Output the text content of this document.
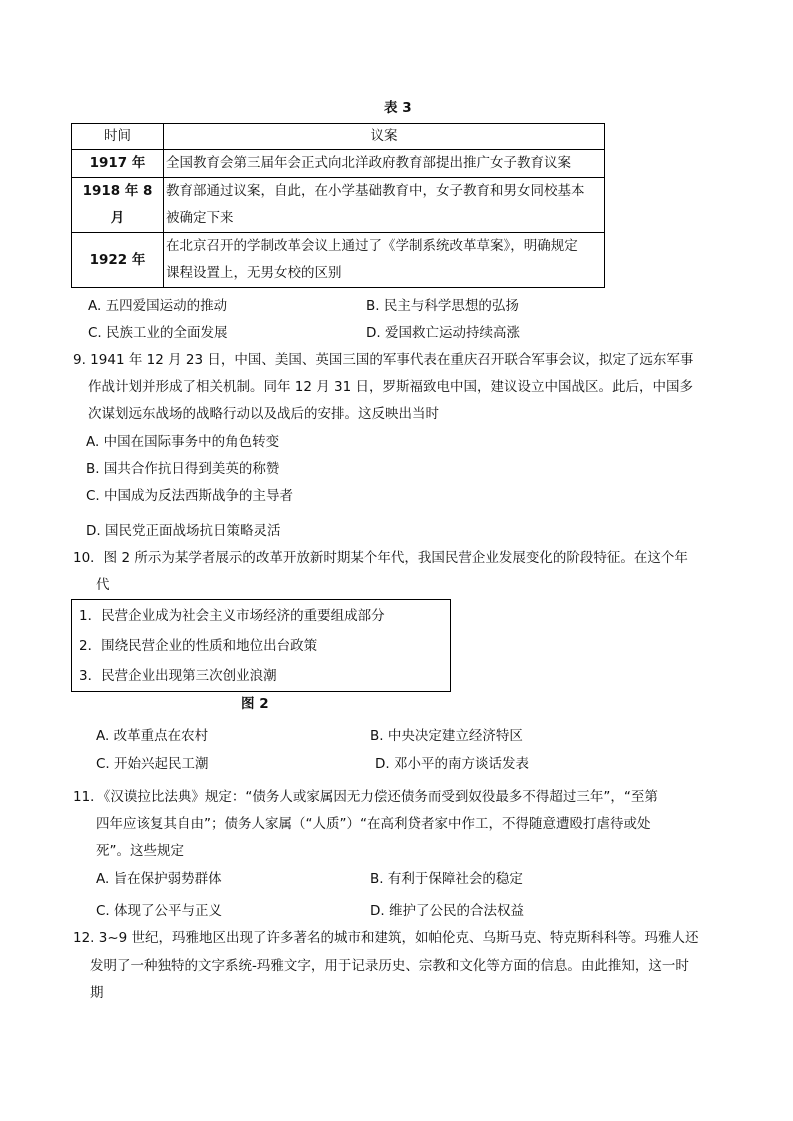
表 3
时间	议案
1917 年	全国教育会第三届年会正式向北洋政府教育部提出推广女子教育议案

1918 年 8 月	教育部通过议案，自此，在小学基础教育中，女子教育和男女同校基本
被确定下来

1922 年	在北京召开的学制改革会议上通过了《学制系统改革草案》，明确规定
课程设置上，无男女校的区别
A. 五四爱国运动的推动	B. 民主与科学思想的弘扬
C. 民族工业的全面发展	D. 爱国救亡运动持续高涨
9. 1941 年 12 月 23 日，中国、美国、英国三国的军事代表在重庆召开联合军事会议，拟定了远东军事
作战计划并形成了相关机制。同年 12 月 31 日，罗斯福致电中国，建议设立中国战区。此后，中国多
次谋划远东战场的战略行动以及战后的安排。这反映出当时
A. 中国在国际事务中的角色转变
B. 国共合作抗日得到美英的称赞
C. 中国成为反法西斯战争的主导者
D. 国民党正面战场抗日策略灵活
10．图 2 所示为某学者展示的改革开放新时期某个年代，我国民营企业发展变化的阶段特征。在这个年
代
1．民营企业成为社会主义市场经济的重要组成部分
2．围绕民营企业的性质和地位出台政策
3．民营企业出现第三次创业浪潮
图 2
A. 改革重点在农村	B. 中央决定建立经济特区
C. 开始兴起民工潮	D. 邓小平的南方谈话发表
11．《汉谟拉比法典》规定：“债务人或家属因无力偿还债务而受到奴役最多不得超过三年”，“至第
四年应该复其自由”；债务人家属（“人质”）“在高利贷者家中作工，不得随意遭殴打虐待或处
死”。这些规定
A. 旨在保护弱势群体	B. 有利于保障社会的稳定
C. 体现了公平与正义	D. 维护了公民的合法权益
12. 3~9 世纪，玛雅地区出现了许多著名的城市和建筑，如帕伦克、乌斯马克、特克斯科科等。玛雅人还
发明了一种独特的文字系统-玛雅文字，用于记录历史、宗教和文化等方面的信息。由此推知，这一时
期
